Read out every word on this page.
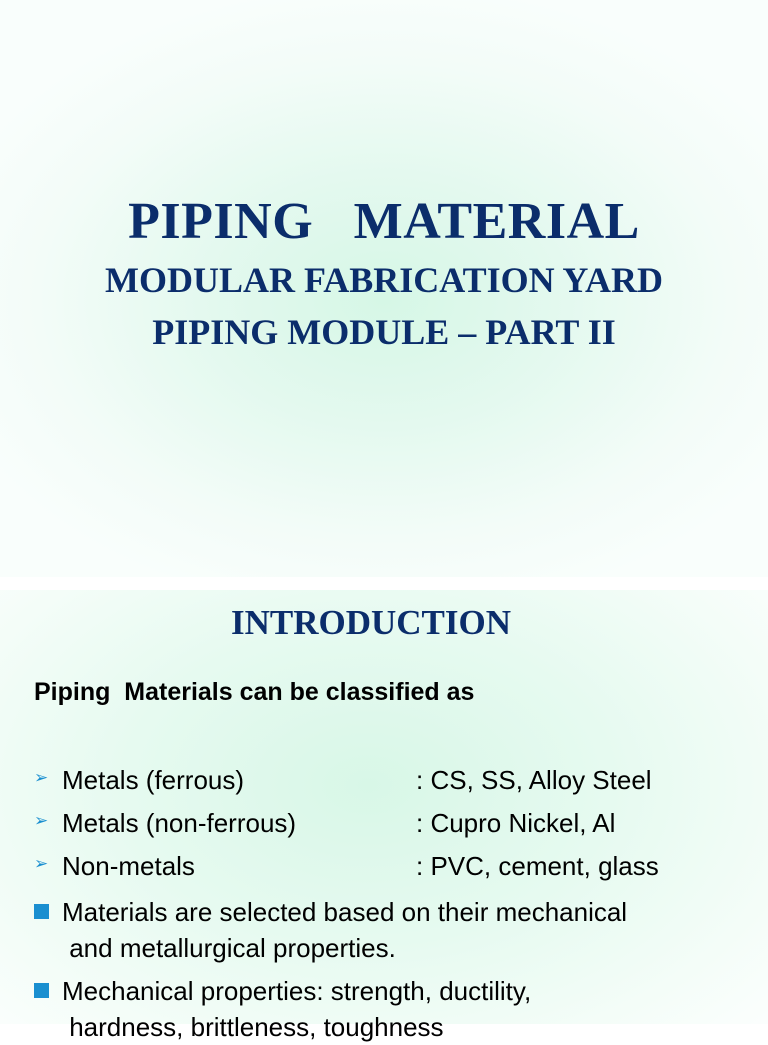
PIPING   MATERIAL
MODULAR FABRICATION YARD
PIPING MODULE – PART II
INTRODUCTION
Piping  Materials can be classified as
➢ Metals (ferrous)	: CS, SS, Alloy Steel
➢ Metals (non-ferrous)	: Cupro Nickel, Al
➢ Non-metals	: PVC, cement, glass
Materials are selected based on their mechanical
and metallurgical properties.
Mechanical properties: strength, ductility,
hardness, brittleness, toughness
